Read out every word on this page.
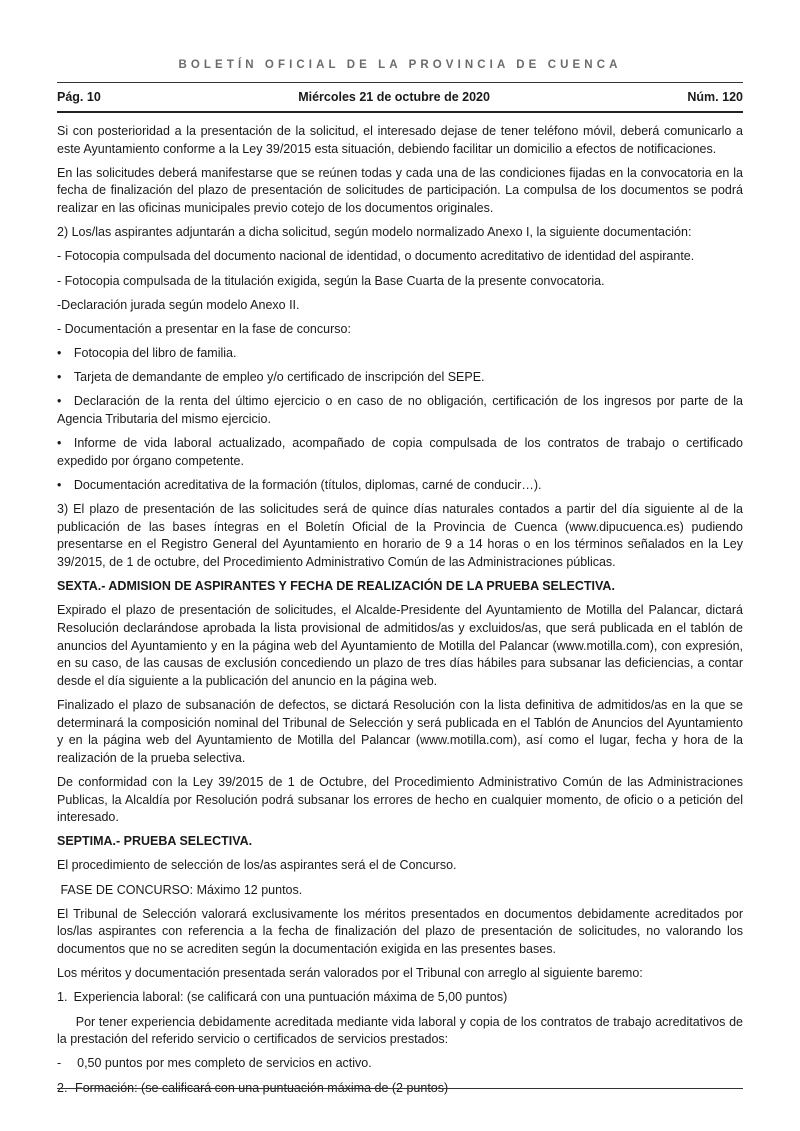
BOLETÍN OFICIAL DE LA PROVINCIA DE CUENCA
Pág. 10	Miércoles 21 de octubre de 2020	Núm. 120

Si con posterioridad a la presentación de la solicitud, el interesado dejase de tener teléfono móvil, deberá comunicarlo a este Ayuntamiento conforme a la Ley 39/2015 esta situación, debiendo facilitar un domicilio a efectos de notificaciones.

En las solicitudes deberá manifestarse que se reúnen todas y cada una de las condiciones fijadas en la convocatoria en la fecha de finalización del plazo de presentación de solicitudes de participación. La compulsa de los documentos se podrá realizar en las oficinas municipales previo cotejo de los documentos originales.

2) Los/las aspirantes adjuntarán a dicha solicitud, según modelo normalizado Anexo I, la siguiente documentación:

- Fotocopia compulsada del documento nacional de identidad, o documento acreditativo de identidad del aspirante.

- Fotocopia compulsada de la titulación exigida, según la Base Cuarta de la presente convocatoria.

-Declaración jurada según modelo Anexo II.

- Documentación a presentar en la fase de concurso:

• Fotocopia del libro de familia.

• Tarjeta de demandante de empleo y/o certificado de inscripción del SEPE.

• Declaración de la renta del último ejercicio o en caso de no obligación, certificación de los ingresos por parte de la Agencia Tributaria del mismo ejercicio.

• Informe de vida laboral actualizado, acompañado de copia compulsada de los contratos de trabajo o certificado expedido por órgano competente.

• Documentación acreditativa de la formación (títulos, diplomas, carné de conducir…).

3) El plazo de presentación de las solicitudes será de quince días naturales contados a partir del día siguiente al de la publicación de las bases íntegras en el Boletín Oficial de la Provincia de Cuenca (www.dipucuenca.es) pudiendo presentarse en el Registro General del Ayuntamiento en horario de 9 a 14 horas o en los términos señalados en la Ley 39/2015, de 1 de octubre, del Procedimiento Administrativo Común de las Administraciones públicas.

SEXTA.- ADMISION DE ASPIRANTES Y FECHA DE REALIZACIÓN DE LA PRUEBA SELECTIVA.

Expirado el plazo de presentación de solicitudes, el Alcalde-Presidente del Ayuntamiento de Motilla del Palancar, dictará Resolución declarándose aprobada la lista provisional de admitidos/as y excluidos/as, que será publicada en el tablón de anuncios del Ayuntamiento y en la página web del Ayuntamiento de Motilla del Palancar (www.motilla.com), con expresión, en su caso, de las causas de exclusión concediendo un plazo de tres días hábiles para subsanar las deficiencias, a contar desde el día siguiente a la publicación del anuncio en la página web.

Finalizado el plazo de subsanación de defectos, se dictará Resolución con la lista definitiva de admitidos/as en la que se determinará la composición nominal del Tribunal de Selección y será publicada en el Tablón de Anuncios del Ayuntamiento y en la página web del Ayuntamiento de Motilla del Palancar (www.motilla.com), así como el lugar, fecha y hora de la realización de la prueba selectiva.

De conformidad con la Ley 39/2015 de 1 de Octubre, del Procedimiento Administrativo Común de las Administraciones Publicas, la Alcaldía por Resolución podrá subsanar los errores de hecho en cualquier momento, de oficio o a petición del interesado.

SEPTIMA.- PRUEBA SELECTIVA.

El procedimiento de selección de los/as aspirantes será el de Concurso.

FASE DE CONCURSO: Máximo 12 puntos.

El Tribunal de Selección valorará exclusivamente los méritos presentados en documentos debidamente acreditados por los/las aspirantes con referencia a la fecha de finalización del plazo de presentación de solicitudes, no valorando los documentos que no se acrediten según la documentación exigida en las presentes bases.

Los méritos y documentación presentada serán valorados por el Tribunal con arreglo al siguiente baremo:

1. Experiencia laboral: (se calificará con una puntuación máxima de 5,00 puntos)

  Por tener experiencia debidamente acreditada mediante vida laboral y copia de los contratos de trabajo acreditativos de la prestación del referido servicio o certificados de servicios prestados:

-  0,50 puntos por mes completo de servicios en activo.

2.- Formación: (se calificará con una puntuación máxima de (2 puntos)
